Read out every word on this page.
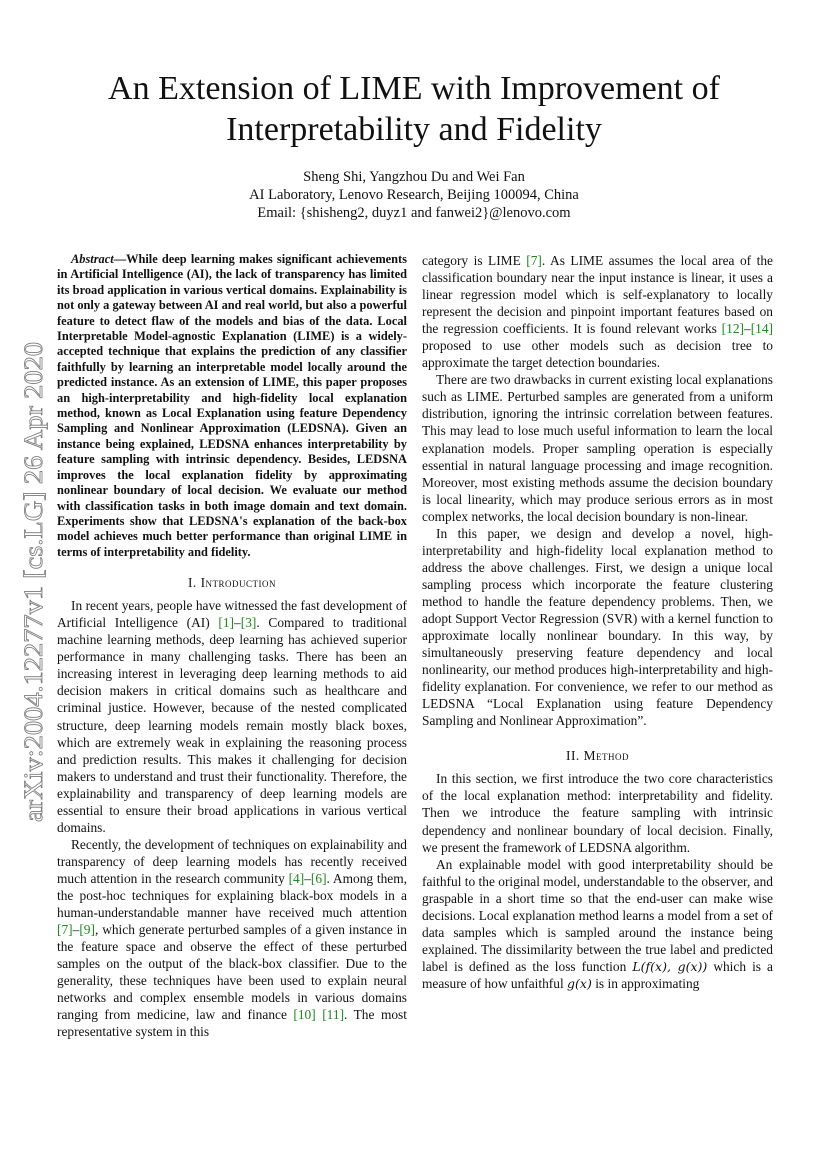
arXiv:2004.12277v1 [cs.LG] 26 Apr 2020
An Extension of LIME with Improvement of
Interpretability and Fidelity
Sheng Shi, Yangzhou Du and Wei Fan
AI Laboratory, Lenovo Research, Beijing 100094, China
Email: {shisheng2, duyz1 and fanwei2}@lenovo.com

Abstract—While deep learning makes significant achievements in Artificial Intelligence (AI), the lack of transparency has limited its broad application in various vertical domains. Explainability is not only a gateway between AI and real world, but also a powerful feature to detect flaw of the models and bias of the data. Local Interpretable Model-agnostic Explanation (LIME) is a widely-accepted technique that explains the prediction of any classifier faithfully by learning an interpretable model locally around the predicted instance. As an extension of LIME, this paper proposes an high-interpretability and high-fidelity local explanation method, known as Local Explanation using feature Dependency Sampling and Nonlinear Approximation (LEDSNA). Given an instance being explained, LEDSNA enhances interpretability by feature sampling with intrinsic dependency. Besides, LEDSNA improves the local explanation fidelity by approximating nonlinear boundary of local decision. We evaluate our method with classification tasks in both image domain and text domain. Experiments show that LEDSNA's explanation of the back-box model achieves much better performance than original LIME in terms of interpretability and fidelity.

I. Introduction

In recent years, people have witnessed the fast development of Artificial Intelligence (AI) [1]–[3]. Compared to traditional machine learning methods, deep learning has achieved superior performance in many challenging tasks. There has been an increasing interest in leveraging deep learning methods to aid decision makers in critical domains such as healthcare and criminal justice. However, because of the nested complicated structure, deep learning models remain mostly black boxes, which are extremely weak in explaining the reasoning process and prediction results. This makes it challenging for decision makers to understand and trust their functionality. Therefore, the explainability and transparency of deep learning models are essential to ensure their broad applications in various vertical domains.

Recently, the development of techniques on explainability and transparency of deep learning models has recently received much attention in the research community [4]–[6]. Among them, the post-hoc techniques for explaining black-box models in a human-understandable manner have received much attention [7]–[9], which generate perturbed samples of a given instance in the feature space and observe the effect of these perturbed samples on the output of the black-box classifier. Due to the generality, these techniques have been used to explain neural networks and complex ensemble models in various domains ranging from medicine, law and finance [10] [11]. The most representative system in this

category is LIME [7]. As LIME assumes the local area of the classification boundary near the input instance is linear, it uses a linear regression model which is self-explanatory to locally represent the decision and pinpoint important features based on the regression coefficients. It is found relevant works [12]–[14] proposed to use other models such as decision tree to approximate the target detection boundaries.

There are two drawbacks in current existing local explanations such as LIME. Perturbed samples are generated from a uniform distribution, ignoring the intrinsic correlation between features. This may lead to lose much useful information to learn the local explanation models. Proper sampling operation is especially essential in natural language processing and image recognition. Moreover, most existing methods assume the decision boundary is local linearity, which may produce serious errors as in most complex networks, the local decision boundary is non-linear.

In this paper, we design and develop a novel, high-interpretability and high-fidelity local explanation method to address the above challenges. First, we design a unique local sampling process which incorporate the feature clustering method to handle the feature dependency problems. Then, we adopt Support Vector Regression (SVR) with a kernel function to approximate locally nonlinear boundary. In this way, by simultaneously preserving feature dependency and local nonlinearity, our method produces high-interpretability and high-fidelity explanation. For convenience, we refer to our method as LEDSNA “Local Explanation using feature Dependency Sampling and Nonlinear Approximation”.

II. Method

In this section, we first introduce the two core characteristics of the local explanation method: interpretability and fidelity. Then we introduce the feature sampling with intrinsic dependency and nonlinear boundary of local decision. Finally, we present the framework of LEDSNA algorithm.

An explainable model with good interpretability should be faithful to the original model, understandable to the observer, and graspable in a short time so that the end-user can make wise decisions. Local explanation method learns a model from a set of data samples which is sampled around the instance being explained. The dissimilarity between the true label and predicted label is defined as the loss function L(f(x), g(x)) which is a measure of how unfaithful g(x) is in approximating
